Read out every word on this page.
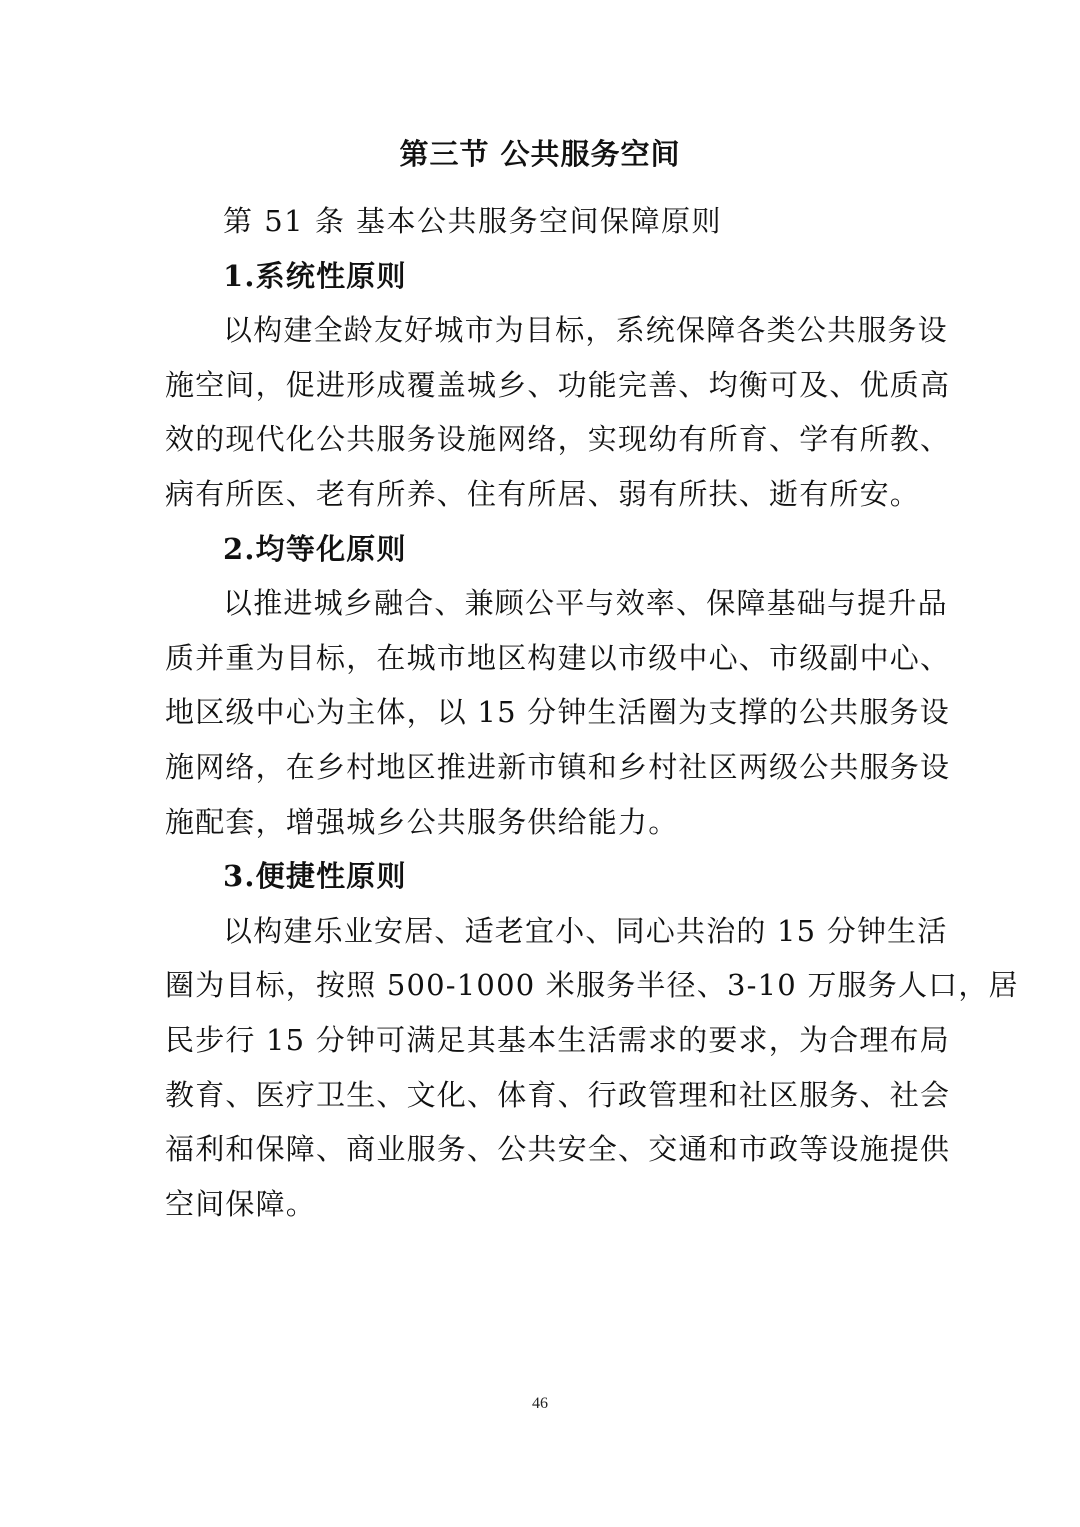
第三节 公共服务空间
第 51 条 基本公共服务空间保障原则
1.系统性原则
以构建全龄友好城市为目标，系统保障各类公共服务设
施空间，促进形成覆盖城乡、功能完善、均衡可及、优质高
效的现代化公共服务设施网络，实现幼有所育、学有所教、
病有所医、老有所养、住有所居、弱有所扶、逝有所安。
2.均等化原则
以推进城乡融合、兼顾公平与效率、保障基础与提升品
质并重为目标，在城市地区构建以市级中心、市级副中心、
地区级中心为主体，以 15 分钟生活圈为支撑的公共服务设
施网络，在乡村地区推进新市镇和乡村社区两级公共服务设
施配套，增强城乡公共服务供给能力。
3.便捷性原则
以构建乐业安居、适老宜小、同心共治的 15 分钟生活
圈为目标，按照 500-1000 米服务半径、3-10 万服务人口，居
民步行 15 分钟可满足其基本生活需求的要求，为合理布局
教育、医疗卫生、文化、体育、行政管理和社区服务、社会
福利和保障、商业服务、公共安全、交通和市政等设施提供
空间保障。
46
